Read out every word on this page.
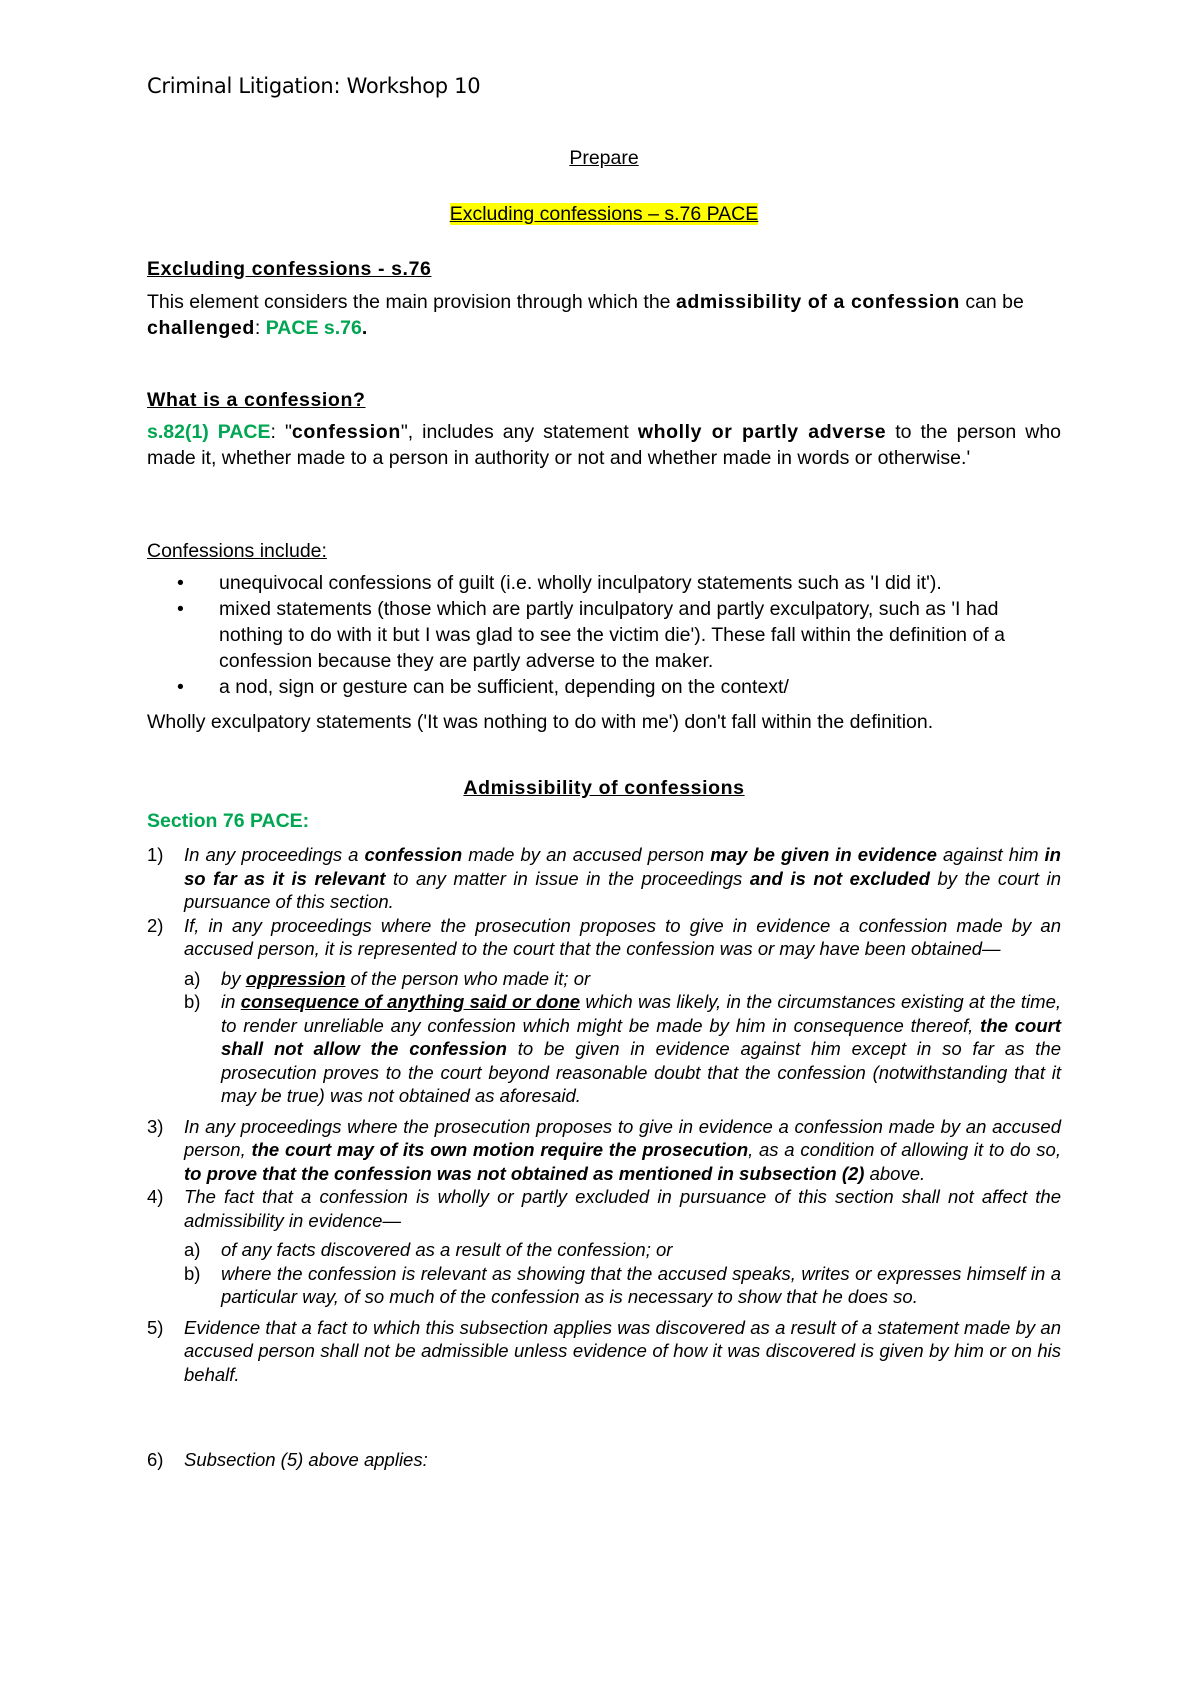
Criminal Litigation: Workshop 10
Prepare
Excluding confessions – s.76 PACE
Excluding confessions - s.76
This element considers the main provision through which the admissibility of a confession can be challenged: PACE s.76.
What is a confession?
s.82(1) PACE: "confession", includes any statement wholly or partly adverse to the person who made it, whether made to a person in authority or not and whether made in words or otherwise.'
Confessions include:
•	unequivocal confessions of guilt (i.e. wholly inculpatory statements such as 'I did it').
•	mixed statements (those which are partly inculpatory and partly exculpatory, such as 'I had nothing to do with it but I was glad to see the victim die'). These fall within the definition of a confession because they are partly adverse to the maker.
•	a nod, sign or gesture can be sufficient, depending on the context/
Wholly exculpatory statements ('It was nothing to do with me') don't fall within the definition.
Admissibility of confessions
Section 76 PACE:
1)	In any proceedings a confession made by an accused person may be given in evidence against him in so far as it is relevant to any matter in issue in the proceedings and is not excluded by the court in pursuance of this section.
2)	If, in any proceedings where the prosecution proposes to give in evidence a confession made by an accused person, it is represented to the court that the confession was or may have been obtained—
a)	by oppression of the person who made it; or
b)	in consequence of anything said or done which was likely, in the circumstances existing at the time, to render unreliable any confession which might be made by him in consequence thereof, the court shall not allow the confession to be given in evidence against him except in so far as the prosecution proves to the court beyond reasonable doubt that the confession (notwithstanding that it may be true) was not obtained as aforesaid.
3)	In any proceedings where the prosecution proposes to give in evidence a confession made by an accused person, the court may of its own motion require the prosecution, as a condition of allowing it to do so, to prove that the confession was not obtained as mentioned in subsection (2) above.
4)	The fact that a confession is wholly or partly excluded in pursuance of this section shall not affect the admissibility in evidence—
a)	of any facts discovered as a result of the confession; or
b)	where the confession is relevant as showing that the accused speaks, writes or expresses himself in a particular way, of so much of the confession as is necessary to show that he does so.
5)	Evidence that a fact to which this subsection applies was discovered as a result of a statement made by an accused person shall not be admissible unless evidence of how it was discovered is given by him or on his behalf.
6)	Subsection (5) above applies:
